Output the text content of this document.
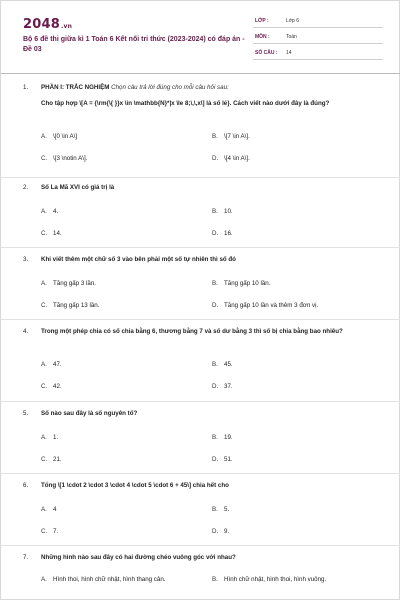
2048.vn
Bộ 6 đề thi giữa kì 1 Toán 6 Kết nối tri thức (2023-2024) có đáp án - Đề 03
LỚP :	Lớp 6
MÔN :	Toán
SỐ CÂU : 14
1. PHẦN I: TRẮC NGHIỆM Chọn câu trả lời đúng cho mỗi câu hỏi sau:
Cho tập hợp \[A = {\rm{\{ }}x \in \mathbb{N}*|x \le 8;\,\,x\] là số lẻ}. Cách viết nào dưới đây là đúng?
A. \[0 \in A\]	B. \[7 \in A\].
C. \[3 \notin A\].	D. \[4 \in A\].
2. Số La Mã XVI có giá trị là
A. 4.	B. 10.
C. 14.	D. 16.
3. Khi viết thêm một chữ số 3 vào bên phải một số tự nhiên thì số đó
A. Tăng gấp 3 lần.	B. Tăng gấp 10 lần.
C. Tăng gấp 13 lần.	D. Tăng gấp 10 lần và thêm 3 đơn vị.
4. Trong một phép chia có số chia bằng 6, thương bằng 7 và số dư bằng 3 thì số bị chia bằng bao nhiêu?
A. 47.	B. 45.
C. 42.	D. 37.
5. Số nào sau đây là số nguyên tố?
A. 1.	B. 19.
C. 21.	D. 51.
6. Tổng \[1 \cdot 2 \cdot 3 \cdot 4 \cdot 5 \cdot 6 + 45\] chia hết cho
A. 4	B. 5.
C. 7.	D. 9.
7. Những hình nào sau đây có hai đường chéo vuông góc với nhau?
A. Hình thoi, hình chữ nhật, hình thang cân.	B. Hình chữ nhật, hình thoi, hình vuông.
